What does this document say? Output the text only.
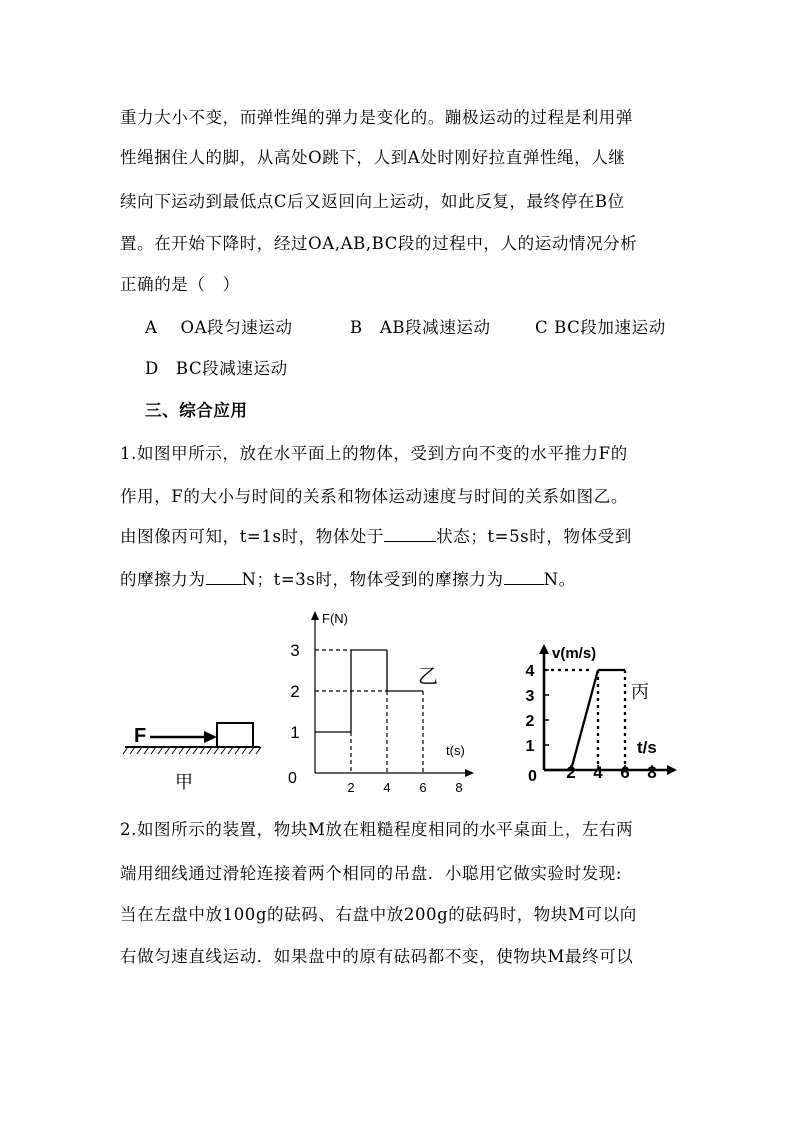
重力大小不变，而弹性绳的弹力是变化的。蹦极运动的过程是利用弹
性绳捆住人的脚，从高处O跳下，人到A处时刚好拉直弹性绳，人继
续向下运动到最低点C后又返回向上运动，如此反复，最终停在B位
置。在开始下降时，经过OA,AB,BC段的过程中，人的运动情况分析
正确的是（　）
A　 OA段匀速运动	B　AB段减速运动	C BC段加速运动
D　BC段减速运动
三、综合应用
1.如图甲所示，放在水平面上的物体，受到方向不变的水平推力F的
作用，F的大小与时间的关系和物体运动速度与时间的关系如图乙。
由图像丙可知，t=1s时，物体处于	状态；t=5s时，物体受到
的摩擦力为 N；t=3s时，物体受到的摩擦力为 N。
F
甲
F(N)
t(s)
0
乙
2 4 6 8
1
2
3	v(m/s)
t/s
0
丙
2 4 6 8
1
2
3
4
2.如图所示的装置，物块M放在粗糙程度相同的水平桌面上，左右两
端用细线通过滑轮连接着两个相同的吊盘．小聪用它做实验时发现:
当在左盘中放100g的砝码、右盘中放200g的砝码时，物块M可以向
右做匀速直线运动．如果盘中的原有砝码都不变，使物块M最终可以
